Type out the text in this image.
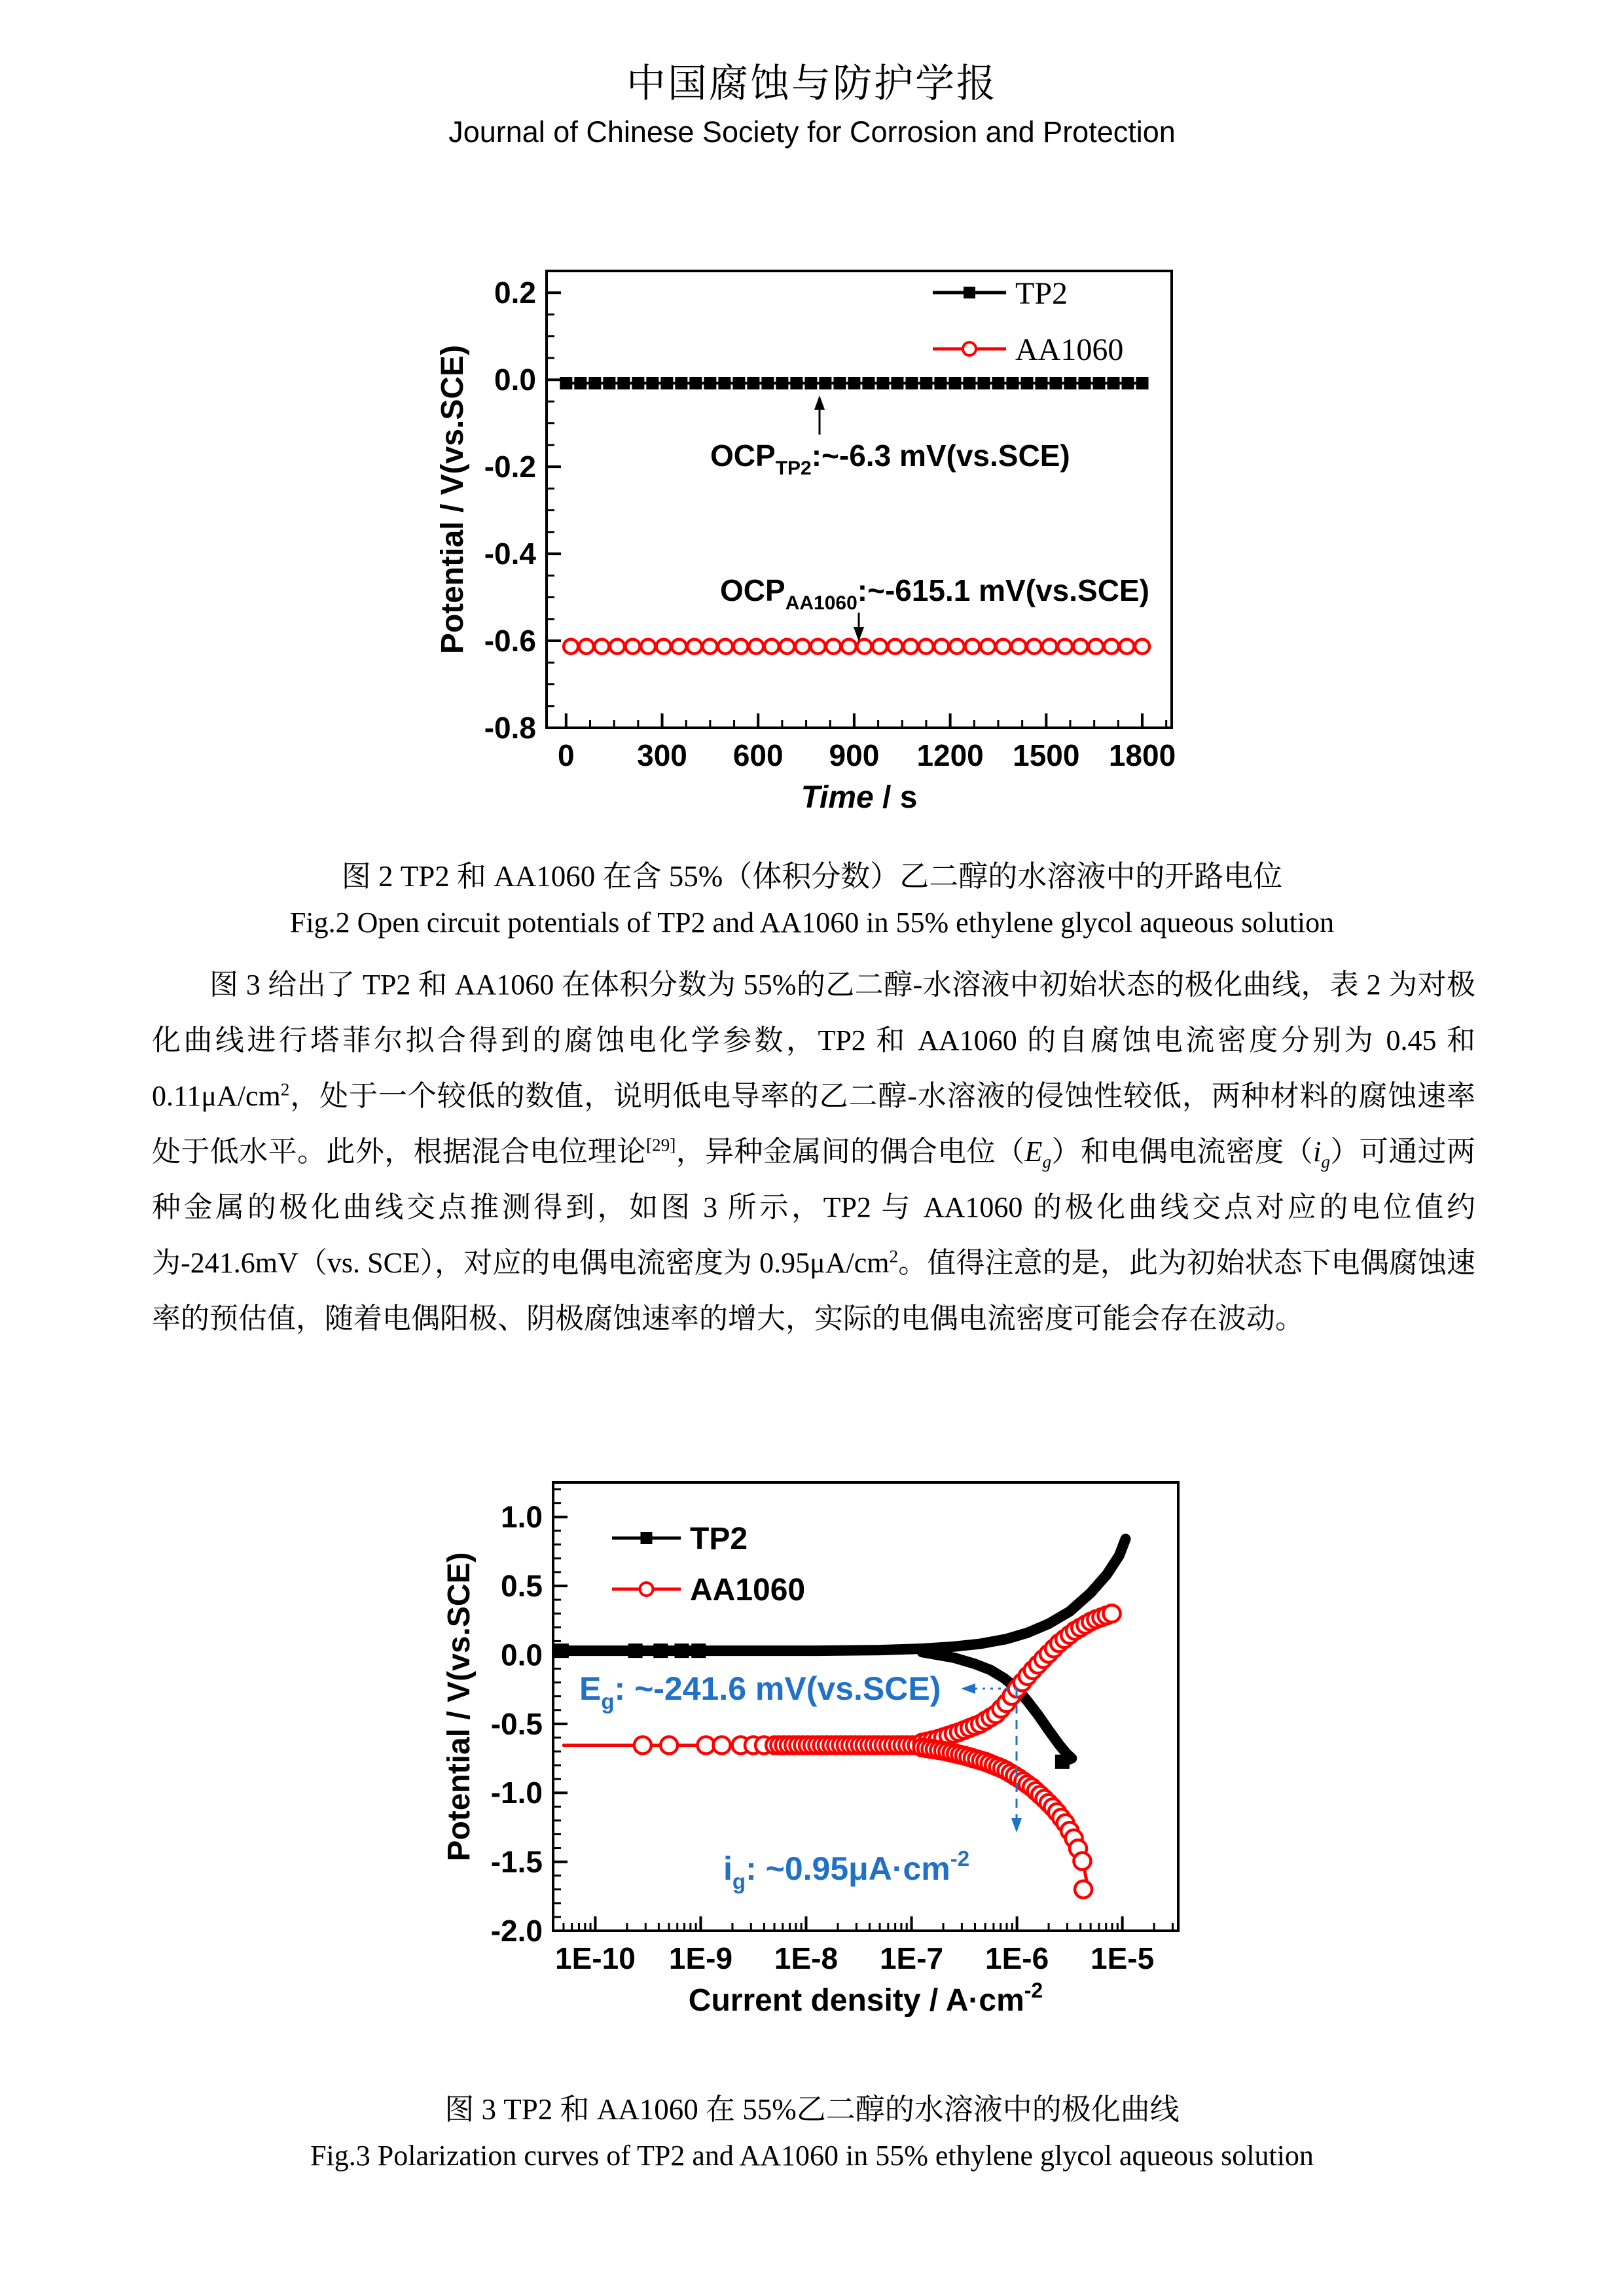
中国腐蚀与防护学报
Journal of Chinese Society for Corrosion and Protection
0 300 600 900 1200 1500 1800
0.2
0.0
-0.2
-0.4
-0.6
-0.8
TP2
AA1060
Time / s
Potential / V(vs.SCE)	$OCP_{TP2}:\sim-6.3$ mV(vs.SCE)
$OCP_{AA1060}:\sim-615.1$ mV(vs.SCE)
图 2 TP2 和 AA1060 在含 55%（体积分数）乙二醇的水溶液中的开路电位
Fig.2 Open circuit potentials of TP2 and AA1060 in 55% ethylene glycol aqueous solution
图 3 给出了 TP2 和 AA1060 在体积分数为 55%的乙二醇-水溶液中初始状态的极化曲线，表 2 为对极化曲线进行塔菲尔拟合得到的腐蚀电化学参数，TP2 和 AA1060 的自腐蚀电流密度分别为 0.45 和 $0.11\mu A/cm^2$，处于一个较低的数值，说明低电导率的乙二醇-水溶液的侵蚀性较低，两种材料的腐蚀速率处于低水平。此外，根据混合电位理论[29]，异种金属间的偶合电位$(E_g)$和电偶电流密度$(i_g)$可通过两种金属的极化曲线交点推测得到，如图 3 所示，TP2 与 AA1060 的极化曲线交点对应的电位值约为-241.6mV（vs. SCE），对应的电偶电流密度为 $0.95\mu A/cm^2$。值得注意的是，此为初始状态下电偶腐蚀速率的预估值，随着电偶阳极、阴极腐蚀速率的增大，实际的电偶电流密度可能会存在波动。
1E-10 1E-9 1E-8 1E-7 1E-6 1E-5
1.0
0.5
0.0
-0.5
-1.0
-1.5
-2.0
TP2
AA1060
Current density / $A\cdot cm^{-2}$
Potential / V(vs.SCE)	$E_g$: ~-241.6 mV(vs.SCE)
$i_g$: $\sim 0.95\mu A\cdot cm^{-2}$
图 3 TP2 和 AA1060 在 55%乙二醇的水溶液中的极化曲线
Fig.3 Polarization curves of TP2 and AA1060 in 55% ethylene glycol aqueous solution
